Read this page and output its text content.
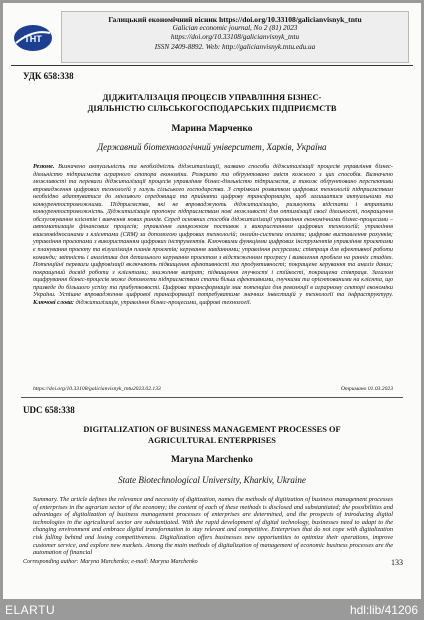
ТНТ
Галицький економічний вісник https://doi.org/10.33108/galicianvisnyk_tntu
Galician economic journal, No 2 (81) 2023
https://doi.org/10.33108/galicianvisnyk_tntu
ISSN 2409-8892. Web: http://galicianvisnyk.tntu.edu.ua
УДК 658:338
ДІДЖИТАЛІЗАЦІЯ ПРОЦЕСІВ УПРАВЛІННЯ БІЗНЕС-
ДІЯЛЬНІСТЮ СІЛЬСЬКОГОСПОДАРСЬКИХ ПІДПРИЄМСТВ
Марина Марченко
Державний біотехнологічний університет, Харків, Україна
Резюме. Визначено актуальність та необхідність діджиталізації, названо способи діджиталізації процесів управління бізнес-діяльністю підприємств аграрного сектора економіки. Розкрито та обґрунтовано зміст кожного з цих способів. Визначено можливості та переваги діджиталізації процесів управління бізнес-діяльністю підприємств, а також обґрунтовано перспективи впровадження цифрових технологій у галузь сільського господарства. З стрімким розвитком цифрових технологій підприємствам необхідно адаптуватися до мінливого середовища та прийняти цифрову трансформацію, щоб залишатися актуальними та конкурентоспроможними. Підприємства, які не впроваджують діджиталізацію, ризикують відстати і втратити конкурентоспроможність. Діджиталізація пропонує підприємствам нові можливості для оптимізації своєї діяльності, покращення обслуговування клієнтів і вивчення нових ринків. Серед основних способів діджиталізації управління економічними бізнес-процесами – автоматизація фінансових процесів; управління ланцюжком поставок з використанням цифрових технологій; управління взаємовідносинами з клієнтами (CRM) за допомогою цифрових технологій; онлайн-системи оплати; цифрове виставлення рахунків; управління проєктами з використанням цифрових інструментів. Ключовими функціями цифрових інструментів управління проєктами є планування проєкту та візуалізація планів проєктів; керування завданнями; управління ресурсами; співпраця для ефективної роботи команди; звітність і аналітика для детального керування проєктом з відстеженням прогресу і виявлення проблем на ранніх стадіях. Потенційні переваги цифровізації включають підвищення ефективності та продуктивності; покращене керування та аналіз даних; покращений досвід роботи з клієнтами; зниження витрат; підвищення гнучкості і стійкості, покращена співпраця. Загалом оцифрування бізнес-процесів може допомогти підприємствам стати більш ефективними, гнучкими та орієнтованими на клієнта, що призведе до більшого успіху та прибутковості. Цифрова трансформація має потенціал для революції в аграрному секторі економіки України. Успішне впровадження цифрової трансформації потребуватиме значних інвестицій у технології та інфраструктуру. Ключові слова: діджиталізація, управління бізнес-процесами, цифрові технології.
https://doi.org/10.33108/galicianvisnyk_tntu2023.02.133	Отримано 01.03.2023
UDC 658:338
DIGITALIZATION OF BUSINESS MANAGEMENT PROCESSES OF
AGRICULTURAL ENTERPRISES
Maryna Marchenko
State Biotechnological University, Kharkiv, Ukraine
Summary. The article defines the relevance and necessity of digitization, names the methods of digitization of business management processes of enterprises in the agrarian sector of the economy; the content of each of these methods is disclosed and substantiated; the possibilities and advantages of digitalization of business management processes of enterprises are determined, and the prospects of introducing digital technologies in the agricultural sector are substantiated. With the rapid development of digital technology, businesses need to adapt to the changing environment and embrace digital transformation to stay relevant and competitive. Enterprises that do not cope with digitalization risk falling behind and losing competitiveness. Digitalization offers businesses new opportunities to optimize their operations, improve customer service, and explore new markets. Among the main methods of digitalization of management of economic business processes are the automation of financial
Corresponding author: Maryna Marchenko; e-mail: Maryna Marchenko	133
ELARTU	hdl:lib/41206
